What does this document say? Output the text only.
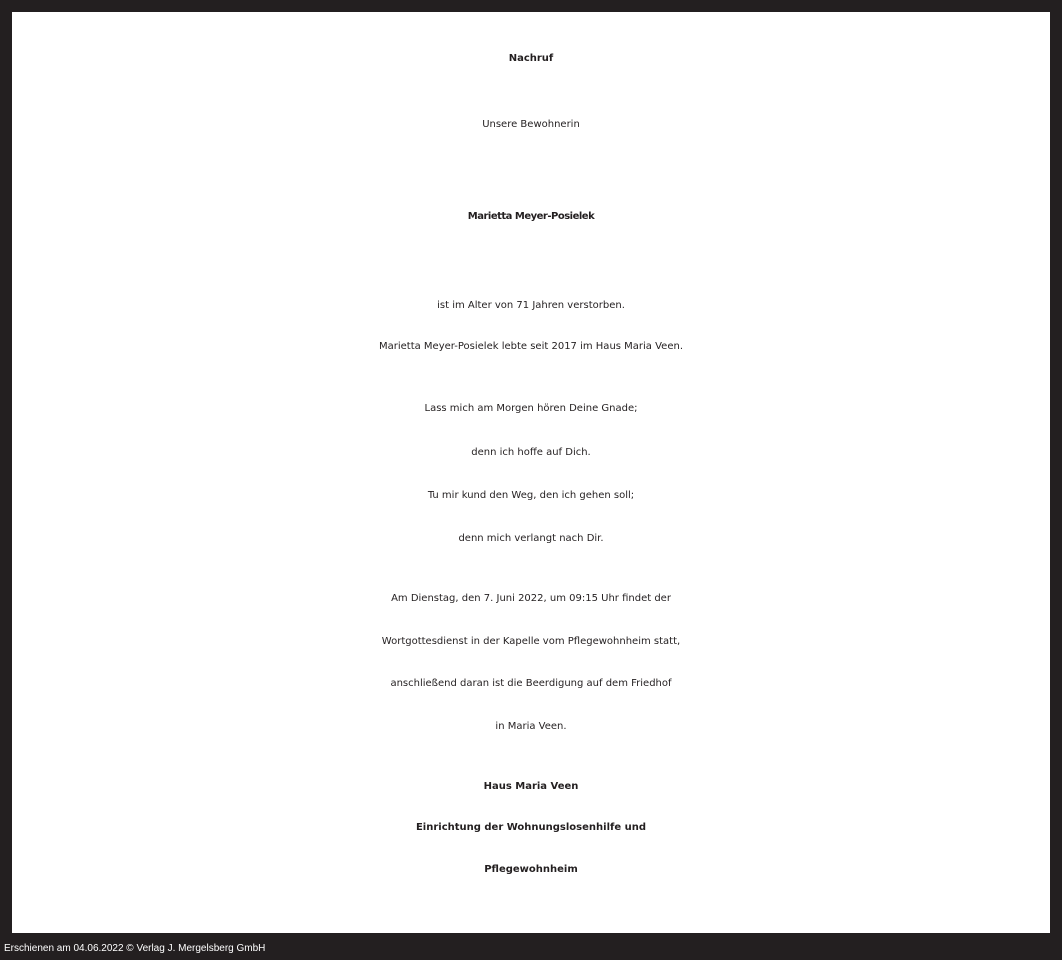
Nachruf
Unsere Bewohnerin
Marietta Meyer-Posielek
ist im Alter von 71 Jahren verstorben.
Marietta Meyer-Posielek lebte seit 2017 im Haus Maria Veen.
Lass mich am Morgen hören Deine Gnade;
denn ich hoffe auf Dich.
Tu mir kund den Weg, den ich gehen soll;
denn mich verlangt nach Dir.
Am Dienstag, den 7. Juni 2022, um 09:15 Uhr findet der
Wortgottesdienst in der Kapelle vom Pflegewohnheim statt,
anschließend daran ist die Beerdigung auf dem Friedhof
in Maria Veen.
Haus Maria Veen
Einrichtung der Wohnungslosenhilfe und
Pflegewohnheim
Erschienen am 04.06.2022 © Verlag J. Mergelsberg GmbH
